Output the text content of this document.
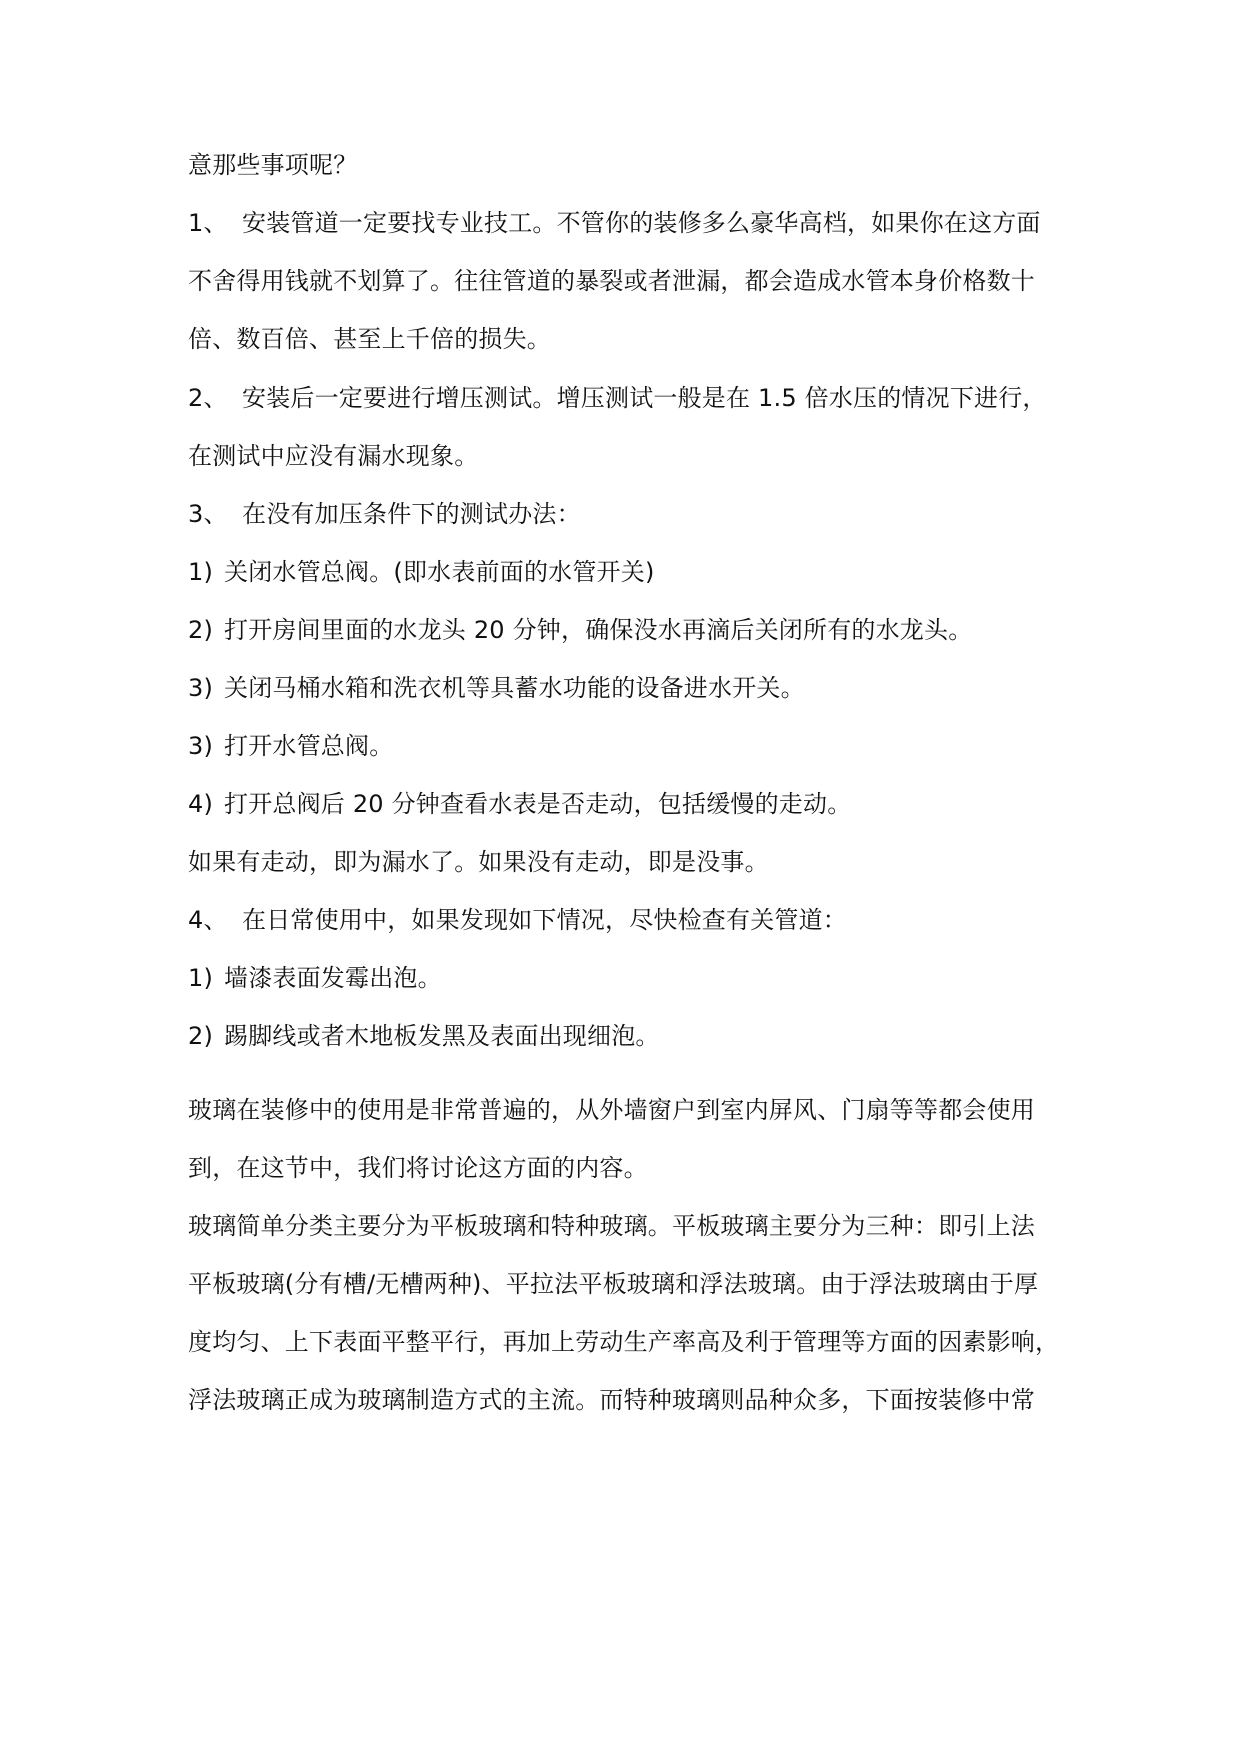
意那些事项呢？
1、 安装管道一定要找专业技工。不管你的装修多么豪华高档，如果你在这方面
不舍得用钱就不划算了。往往管道的暴裂或者泄漏，都会造成水管本身价格数十
倍、数百倍、甚至上千倍的损失。
2、 安装后一定要进行增压测试。增压测试一般是在 1.5 倍水压的情况下进行，
在测试中应没有漏水现象。
3、 在没有加压条件下的测试办法：
1) 关闭水管总阀。(即水表前面的水管开关)
2) 打开房间里面的水龙头 20 分钟，确保没水再滴后关闭所有的水龙头。
3) 关闭马桶水箱和洗衣机等具蓄水功能的设备进水开关。
3) 打开水管总阀。
4) 打开总阀后 20 分钟查看水表是否走动，包括缓慢的走动。
如果有走动，即为漏水了。如果没有走动，即是没事。
4、 在日常使用中，如果发现如下情况，尽快检查有关管道：
1) 墙漆表面发霉出泡。
2) 踢脚线或者木地板发黑及表面出现细泡。
玻璃在装修中的使用是非常普遍的，从外墙窗户到室内屏风、门扇等等都会使用
到，在这节中，我们将讨论这方面的内容。
玻璃简单分类主要分为平板玻璃和特种玻璃。平板玻璃主要分为三种：即引上法
平板玻璃(分有槽/无槽两种)、平拉法平板玻璃和浮法玻璃。由于浮法玻璃由于厚
度均匀、上下表面平整平行，再加上劳动生产率高及利于管理等方面的因素影响，
浮法玻璃正成为玻璃制造方式的主流。而特种玻璃则品种众多，下面按装修中常
